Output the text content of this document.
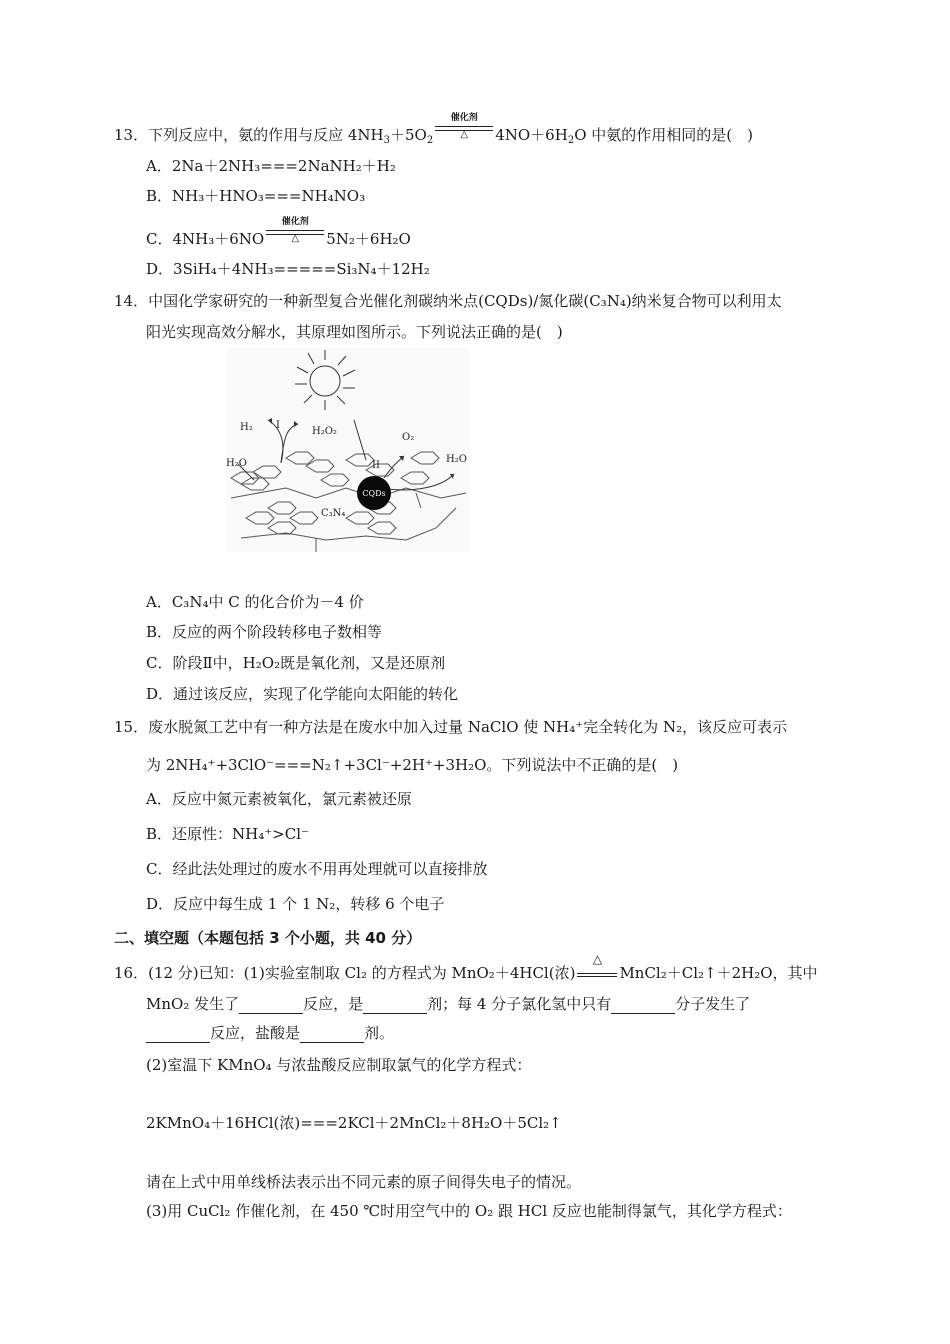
13．下列反应中，氨的作用与反应 $4NH_3+5O_2$
催化剂
△	$4NO+6H_2O$ 中氨的作用相同的是(　)
A．2Na＋2NH₃===2NaNH₂＋H₂
B．NH₃＋HNO₃===NH₄NO₃
C．4NH₃＋6NO
催化剂
△	5N₂＋6H₂O
D．3SiH₄＋4NH₃=====Si₃N₄＋12H₂
14．中国化学家研究的一种新型复合光催化剂碳纳米点(CQDs)/氮化碳(C₃N₄)纳米复合物可以利用太
阳光实现高效分解水，其原理如图所示。下列说法正确的是(　)
CQDs
H₂ I
H₂O₂
O₂
H₂O	II
H₂O
C₃N₄
A．C₃N₄中 C 的化合价为－4 价
B．反应的两个阶段转移电子数相等
C．阶段Ⅱ中，H₂O₂既是氧化剂，又是还原剂
D．通过该反应，实现了化学能向太阳能的转化
15．废水脱氮工艺中有一种方法是在废水中加入过量 NaClO 使 NH₄⁺完全转化为 N₂，该反应可表示
为 2NH₄⁺+3ClO⁻===N₂↑+3Cl⁻+2H⁺+3H₂O。下列说法中不正确的是(　)
A．反应中氮元素被氧化，氯元素被还原
B．还原性：NH₄⁺>Cl⁻
C．经此法处理过的废水不用再处理就可以直接排放
D．反应中每生成 1 个 1 N₂，转移 6 个电子
二、填空题（本题包括 3 个小题，共 40 分）
16．(12 分)已知：(1)实验室制取 Cl₂ 的方程式为 MnO₂＋4HCl(浓)
△
MnCl₂＋Cl₂↑＋2H₂O，其中
MnO₂ 发生了	反应，是	剂；每 4 分子氯化氢中只有	分子发生了
反应，盐酸是	剂。
(2)室温下 KMnO₄ 与浓盐酸反应制取氯气的化学方程式：
2KMnO₄＋16HCl(浓)===2KCl＋2MnCl₂＋8H₂O＋5Cl₂↑
请在上式中用单线桥法表示出不同元素的原子间得失电子的情况。
(3)用 CuCl₂ 作催化剂，在 450 ℃时用空气中的 O₂ 跟 HCl 反应也能制得氯气，其化学方程式：
